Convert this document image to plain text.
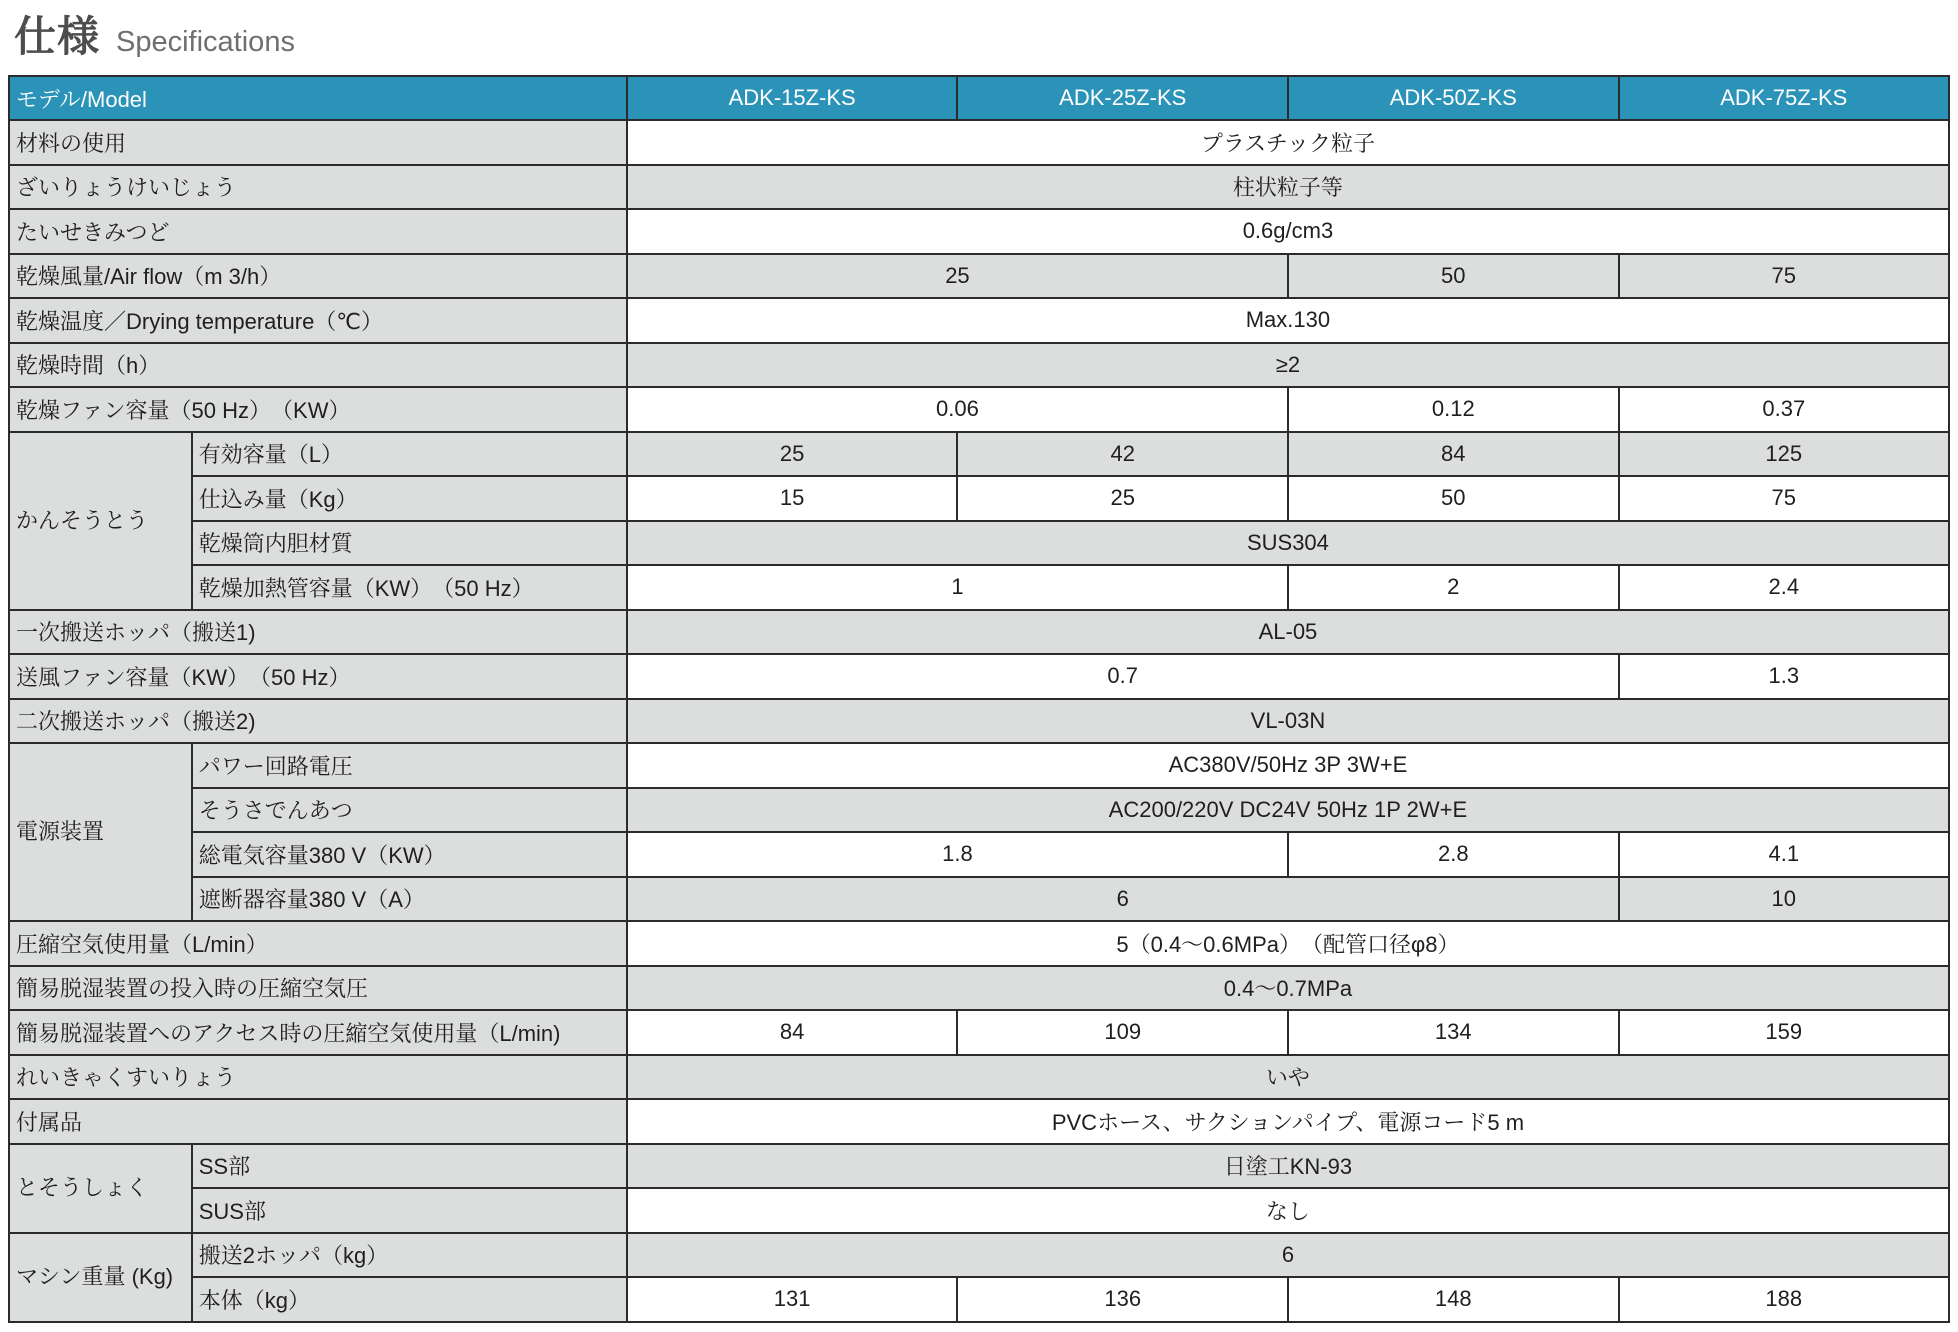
仕様 Specifications
モデル/Model		ADK-15Z-KS	ADK-25Z-KS	ADK-50Z-KS	ADK-75Z-KS
材料の使用		プラスチック粒子			
ざいりょうけいじょう		柱状粒子等			
たいせきみつど		0.6g/cm3			
乾燥風量/Air flow（m 3/h）		25		50	75
乾燥温度／Drying temperature（℃）		Max.130			
乾燥時間（h）		≥2			
乾燥ファン容量（50 Hz）　（KW）		0.06		0.12	0.37
かんそうとう	有効容量（L）	25	42	84	125
	仕込み量（Kg）	15	25	50	75
	乾燥筒内胆材質	SUS304			
	乾燥加熱管容量（KW）　（50 Hz）	1		2	2.4
一次搬送ホッパ（搬送1)		AL-05			
送風ファン容量（KW）　（50 Hz）		0.7			1.3
二次搬送ホッパ（搬送2)		VL-03N			
電源装置	パワー回路電圧	AC380V/50Hz 3P 3W+E			
	そうさでんあつ	AC200/220V DC24V 50Hz 1P 2W+E			
	総電気容量380 V（KW）	1.8		2.8	4.1
	遮断器容量380 V（A）	6			10
圧縮空気使用量（L/min）		5（0.4～0.6MPa）　（配管口径φ8）			
簡易脱湿装置の投入時の圧縮空気圧		0.4～0.7MPa			
簡易脱湿装置へのアクセス時の圧縮空気使用量（L/min)		84	109	134	159
れいきゃくすいりょう		いや			
付属品		PVCホース、サクションパイプ、電源コード5 m			
とそうしょく	SS部	日塗工KN-93			
	SUS部	なし			
マシン重量 (Kg)	搬送2ホッパ（kg）	6			
	本体（kg）	131	136	148	188
